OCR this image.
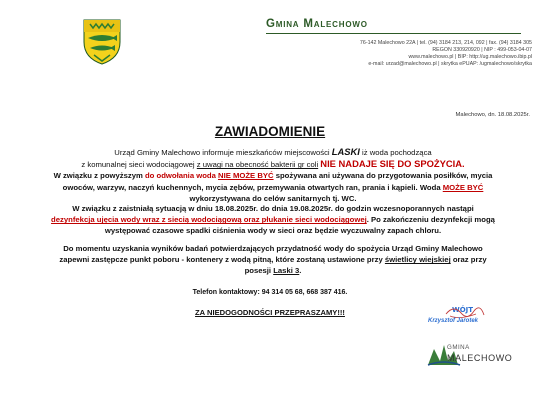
Gmina Malechowo
76-142 Malechowo 22A | tel. (94) 3184 213, 214, 092 | fax. (94) 3184 305
REGON 330920920 | NIP : 499-053-04-07
www.malechowo.pl | BIP: http://ug.malechowo.ibip.pl
e-mail: urzad@malechowo.pl | skrytka ePUAP: /ugmalechowo/skrytka
Malechowo, dn. 18.08.2025r.
ZAWIADOMIENIE
Urząd Gminy Malechowo informuje mieszkańców miejscowości LASKI iż woda pochodząca
z komunalnej sieci wodociągowej z uwagi na obecność bakterii gr coli NIE NADAJE SIĘ DO SPOŻYCIA.
W związku z powyższym do odwołania woda NIE MOŻE BYĆ spożywana ani używana do przygotowania posiłków, mycia
owoców, warzyw, naczyń kuchennych, mycia zębów, przemywania otwartych ran, prania i kąpieli. Woda MOŻE BYĆ
wykorzystywana do celów sanitarnych tj. WC.
W związku z zaistniałą sytuacją w dniu 18.08.2025r. do dnia 19.08.2025r. do godzin wczesnoporannych nastąpi
dezynfekcja ujęcia wody wraz z siecią wodociągową oraz płukanie sieci wodociągowej. Po zakończeniu dezynfekcji mogą
występować czasowe spadki ciśnienia wody w sieci oraz będzie wyczuwalny zapach chloru.
Do momentu uzyskania wyników badań potwierdzających przydatność wody do spożycia Urząd Gminy Malechowo
zapewni zastępcze punkt poboru - kontenery z wodą pitną, które zostaną ustawione przy świetlicy wiejskiej oraz przy
posesji Laski 3.
Telefon kontaktowy: 94 314 05 68, 668 387 416.
ZA NIEDOGODNOŚCI PRZEPRASZAMY!!!	WÓJT
Krzysztof Jarotek
GMINA
MALECHOWO
